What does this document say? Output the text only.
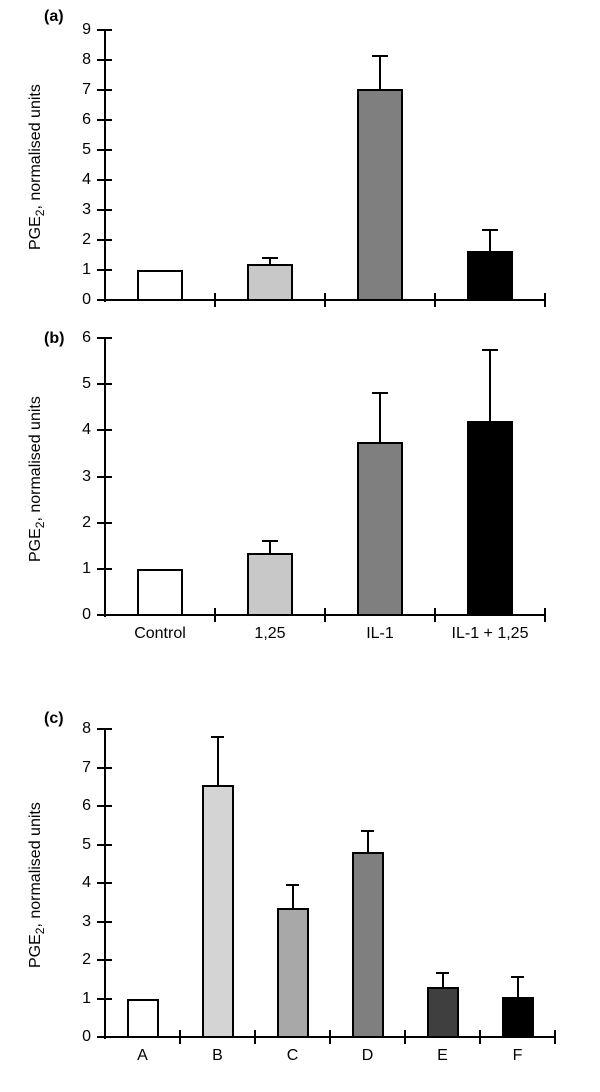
(a)
$PGE_2$, normalised units
0
1
2
3
4
5
6
7
8
9
(b)
$PGE_2$, normalised units
0
1
2
3
4
5
6
Control	1,25	IL-1	IL-1 + 1,25
(c)
$PGE_2$, normalised units
0
1
2
3
4
5
6
7
8
A	B	C	D	E	F
